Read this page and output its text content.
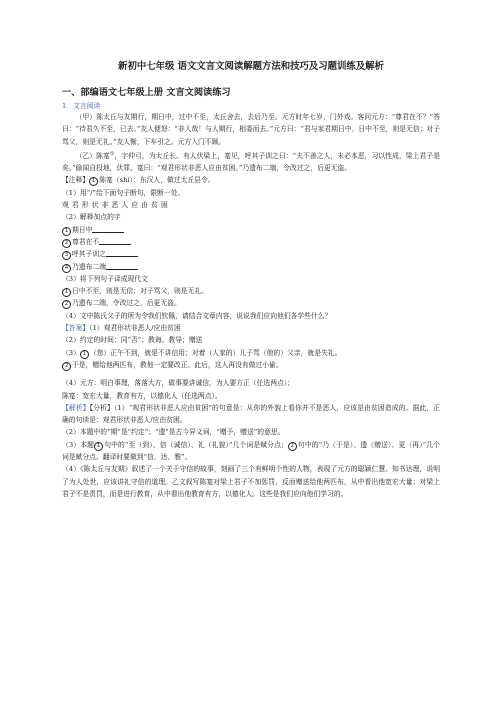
新初中七年级 语文文言文阅读解题方法和技巧及习题训练及解析
一、部编语文七年级上册 文言文阅读练习
1．文言阅读

（甲）陈太丘与友期行，期日中，过中不至，太丘舍去，去后乃至。元方时年七岁，门外戏。客问元方：“尊君在不？”答曰：“待君久不至，已去。”友人便怒：“非人哉！与人期行，相委而去。”元方曰：“君与家君期日中．日中不至，则是无信；对子骂父，则是无礼。”友人惭，下车引之。元方入门不顾。

（乙）陈寔①，字仲弓，为太丘长。有人伏梁上，寔见，呼其子训之曰：“夫不善之人，未必本恶，习以性成，梁上君子是矣。”偷闻自投地，伏罪。寔曰：“观君形状非恶人应由贫困。”乃遗布二端，令改过之，后更无盗。

【注释】 1 陈寔（shí）：东汉人，做过太丘县令。

（1）用“/”给下面句子断句，限断一处。

观君形状非恶人应由贫困

（2）解释加点的字

1 期日中

2 尊君在不

3 呼其子训之

4 乃遗布二端

（3）将下列句子译成现代文

1 日中不至，则是无信；对子骂父，则是无礼。

2 乃遗布二端，令改过之，后更无盗。

（4）文中陈氏父子的所为令我们钦佩，请结合文章内容，说说我们应向他们各学些什么？

【答案】（1）观君形状非恶人/应由贫困

（2）约定的时间；同“否”；教诲、教导；赠送

（3） 1 （您）正午不到，就是不讲信用；对着（人家的）儿子骂（他的）父亲，就是失礼。

2 于是，赠给他两匹布，教他一定要改正。此后，这人再没有做过小偷。

（4）元方：明白事理，落落大方，做事要讲诚信，为人要方正（任选两点）；

陈寔：宽宏大量，教育有方，以德化人（任选两点）。

【解析】【分析】（1）“观君形状非恶人应由贫困”的句意是：从你的外貌上看你并不是恶人，应该是由贫困造成的。据此，正确的句读是：观君形状非恶人/应由贫困。

（2）本题中的“期”是“约定”；“遗”是古今异义词，“赠予，赠送”的意思。

（3）本题 1 句中的“至（到）、信（诚信）、礼（礼貌）”几个词是赋分点； 2 句中的“乃（于是）、遗（赠送）、更（再）”几个词是赋分点。翻译时要做到“信、达、雅”。

（4）《陈太丘与友期》叙述了一个关于守信的故事，刻画了三个有鲜明个性的人物，表现了元方的聪颖仁慧、知书达理，说明了为人处世，应该讲礼守信的道理。乙文叙写陈寔对梁上君子不加惩罚，反而赠送给他两匹布，从中看出他宽宏大量；对梁上君子不是责罚，而是进行教育，从中看出他教育有方，以德化人。这些是我们应向他们学习的。
